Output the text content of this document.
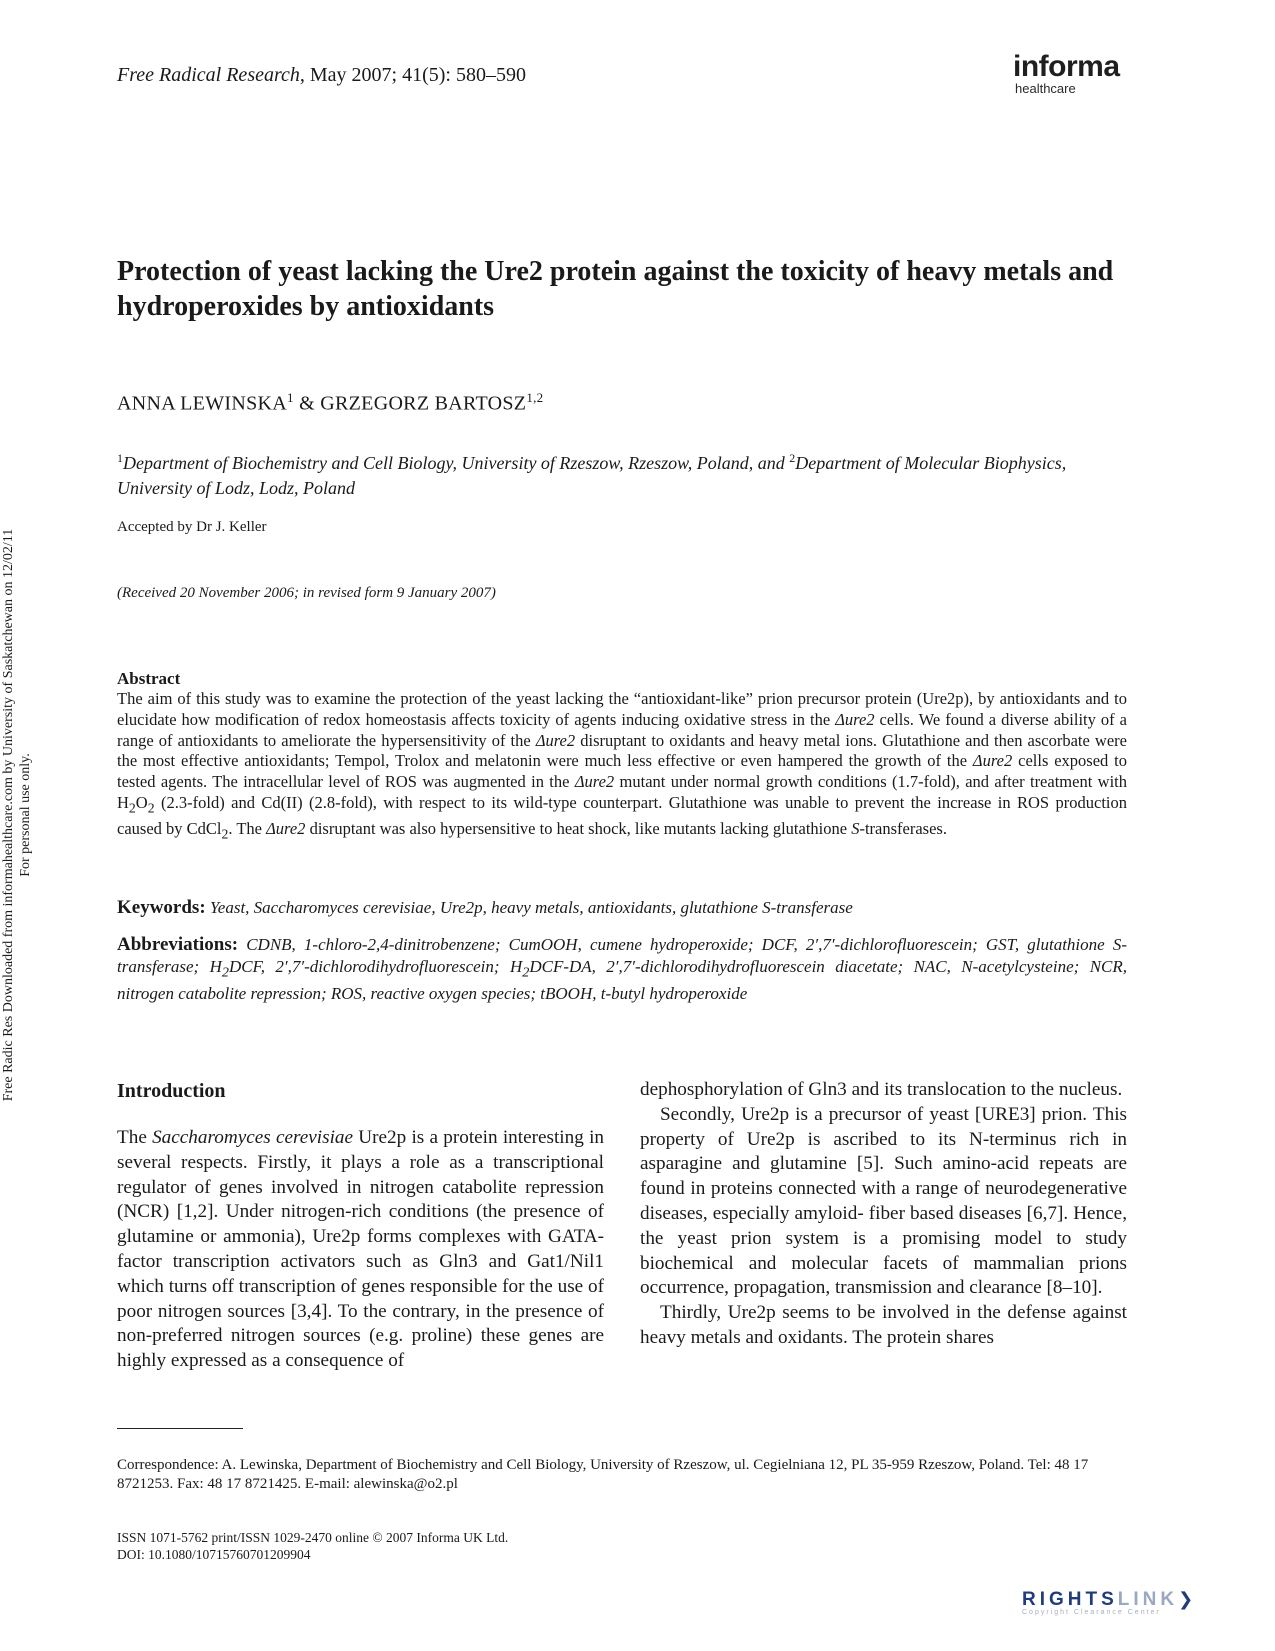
Free Radical Research, May 2007; 41(5): 580–590	informa
healthcare
Protection of yeast lacking the Ure2 protein against the toxicity of heavy metals and hydroperoxides by antioxidants
ANNA LEWINSKA$^1$ & GRZEGORZ BARTOSZ$^{1,2}$
$^1$Department of Biochemistry and Cell Biology, University of Rzeszow, Rzeszow, Poland, and $^2$Department of Molecular Biophysics, University of Lodz, Lodz, Poland
Accepted by Dr J. Keller
(Received 20 November 2006; in revised form 9 January 2007)
Abstract
The aim of this study was to examine the protection of the yeast lacking the “antioxidant-like” prion precursor protein (Ure2p), by antioxidants and to elucidate how modification of redox homeostasis affects toxicity of agents inducing oxidative stress in the Δure2 cells. We found a diverse ability of a range of antioxidants to ameliorate the hypersensitivity of the Δure2 disruptant to oxidants and heavy metal ions. Glutathione and then ascorbate were the most effective antioxidants; Tempol, Trolox and melatonin were much less effective or even hampered the growth of the Δure2 cells exposed to tested agents. The intracellular level of ROS was augmented in the Δure2 mutant under normal growth conditions (1.7-fold), and after treatment with $H_2O_2$ (2.3-fold) and Cd(II) (2.8-fold), with respect to its wild-type counterpart. Glutathione was unable to prevent the increase in ROS production caused by CdCl$_2$. The Δure2 disruptant was also hypersensitive to heat shock, like mutants lacking glutathione S-transferases.
Keywords: Yeast, Saccharomyces cerevisiae, Ure2p, heavy metals, antioxidants, glutathione S-transferase
Abbreviations: CDNB, 1-chloro-2,4-dinitrobenzene; CumOOH, cumene hydroperoxide; DCF, 2′,7′-dichlorofluorescein; GST, glutathione S-transferase; $H_2DCF$, 2′,7′-dichlorodihydrofluorescein; $H_2DCF-DA$, 2′,7′-dichlorodihydrofluorescein diacetate; NAC, N-acetylcysteine; NCR, nitrogen catabolite repression; ROS, reactive oxygen species; tBOOH, t-butyl hydroperoxide
Introduction

The Saccharomyces cerevisiae Ure2p is a protein interesting in several respects. Firstly, it plays a role as a transcriptional regulator of genes involved in nitrogen catabolite repression (NCR) [1,2]. Under nitrogen-rich conditions (the presence of glutamine or ammonia), Ure2p forms complexes with GATA-factor transcription activators such as Gln3 and Gat1/Nil1 which turns off transcription of genes responsible for the use of poor nitrogen sources [3,4]. To the contrary, in the presence of non-preferred nitrogen sources (e.g. proline) these genes are highly expressed as a consequence of

dephosphorylation of Gln3 and its translocation to the nucleus.

Secondly, Ure2p is a precursor of yeast [URE3] prion. This property of Ure2p is ascribed to its N-terminus rich in asparagine and glutamine [5]. Such amino-acid repeats are found in proteins connected with a range of neurodegenerative diseases, especially amyloid- fiber based diseases [6,7]. Hence, the yeast prion system is a promising model to study biochemical and molecular facets of mammalian prions occurrence, propagation, transmission and clearance [8–10].

Thirdly, Ure2p seems to be involved in the defense against heavy metals and oxidants. The protein shares

Correspondence: A. Lewinska, Department of Biochemistry and Cell Biology, University of Rzeszow, ul. Cegielniana 12, PL 35-959 Rzeszow, Poland. Tel: 48 17 8721253. Fax: 48 17 8721425. E-mail: alewinska@o2.pl
ISSN 1071-5762 print/ISSN 1029-2470 online © 2007 Informa UK Ltd.
DOI: 10.1080/10715760701209904
Free Radic Res Downloaded from informahealthcare.com by University of Saskatchewan on 12/02/11 For personal use only.
RIGHTSLINK❯
Copyright Clearance Center
